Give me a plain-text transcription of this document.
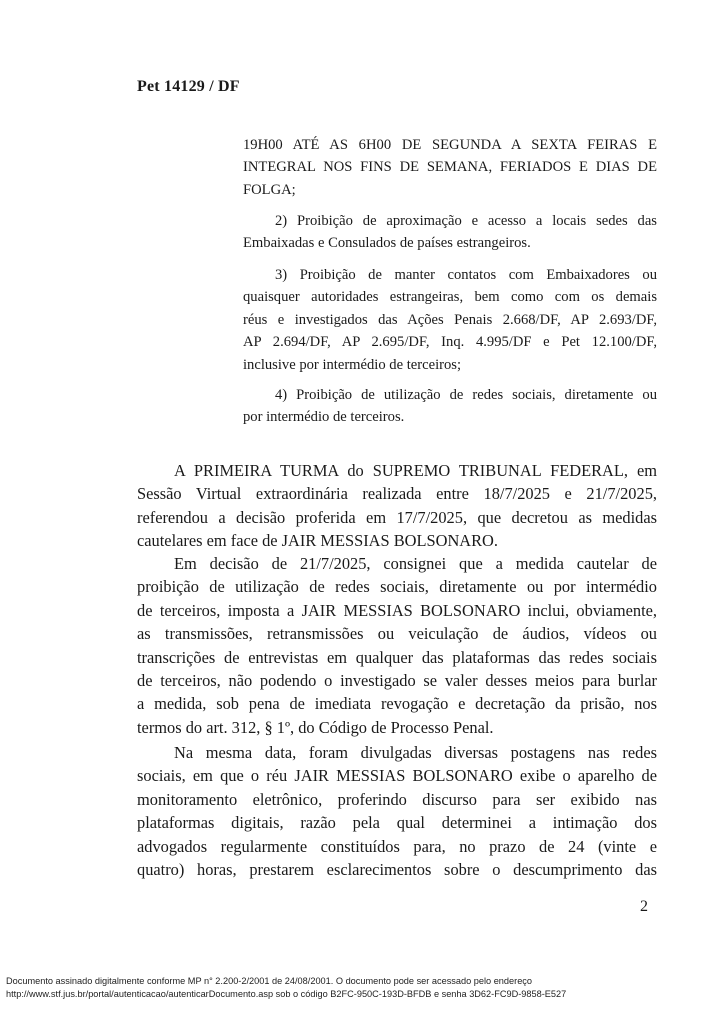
Pet 14129 / DF
19H00 ATÉ AS 6H00 DE SEGUNDA A SEXTA FEIRAS E
INTEGRAL NOS FINS DE SEMANA, FERIADOS E DIAS DE
FOLGA;
2) Proibição de aproximação e acesso a locais sedes das
Embaixadas e Consulados de países estrangeiros.
3) Proibição de manter contatos com Embaixadores ou
quaisquer autoridades estrangeiras, bem como com os demais
réus e investigados das Ações Penais 2.668/DF, AP 2.693/DF,
AP 2.694/DF, AP 2.695/DF, Inq. 4.995/DF e Pet 12.100/DF,
inclusive por intermédio de terceiros;
4) Proibição de utilização de redes sociais, diretamente ou
por intermédio de terceiros.
A PRIMEIRA TURMA do SUPREMO TRIBUNAL FEDERAL, em
Sessão Virtual extraordinária realizada entre 18/7/2025 e 21/7/2025,
referendou a decisão proferida em 17/7/2025, que decretou as medidas
cautelares em face de JAIR MESSIAS BOLSONARO.
Em decisão de 21/7/2025, consignei que a medida cautelar de
proibição de utilização de redes sociais, diretamente ou por intermédio
de terceiros, imposta a JAIR MESSIAS BOLSONARO inclui, obviamente,
as transmissões, retransmissões ou veiculação de áudios, vídeos ou
transcrições de entrevistas em qualquer das plataformas das redes sociais
de terceiros, não podendo o investigado se valer desses meios para burlar
a medida, sob pena de imediata revogação e decretação da prisão, nos
termos do art. 312, § 1º, do Código de Processo Penal.
Na mesma data, foram divulgadas diversas postagens nas redes
sociais, em que o réu JAIR MESSIAS BOLSONARO exibe o aparelho de
monitoramento eletrônico, proferindo discurso para ser exibido nas
plataformas digitais, razão pela qual determinei a intimação dos
advogados regularmente constituídos para, no prazo de 24 (vinte e
quatro) horas, prestarem esclarecimentos sobre o descumprimento das
2
Documento assinado digitalmente conforme MP n° 2.200-2/2001 de 24/08/2001. O documento pode ser acessado pelo endereço
http://www.stf.jus.br/portal/autenticacao/autenticarDocumento.asp sob o código B2FC-950C-193D-BFDB e senha 3D62-FC9D-9858-E527
